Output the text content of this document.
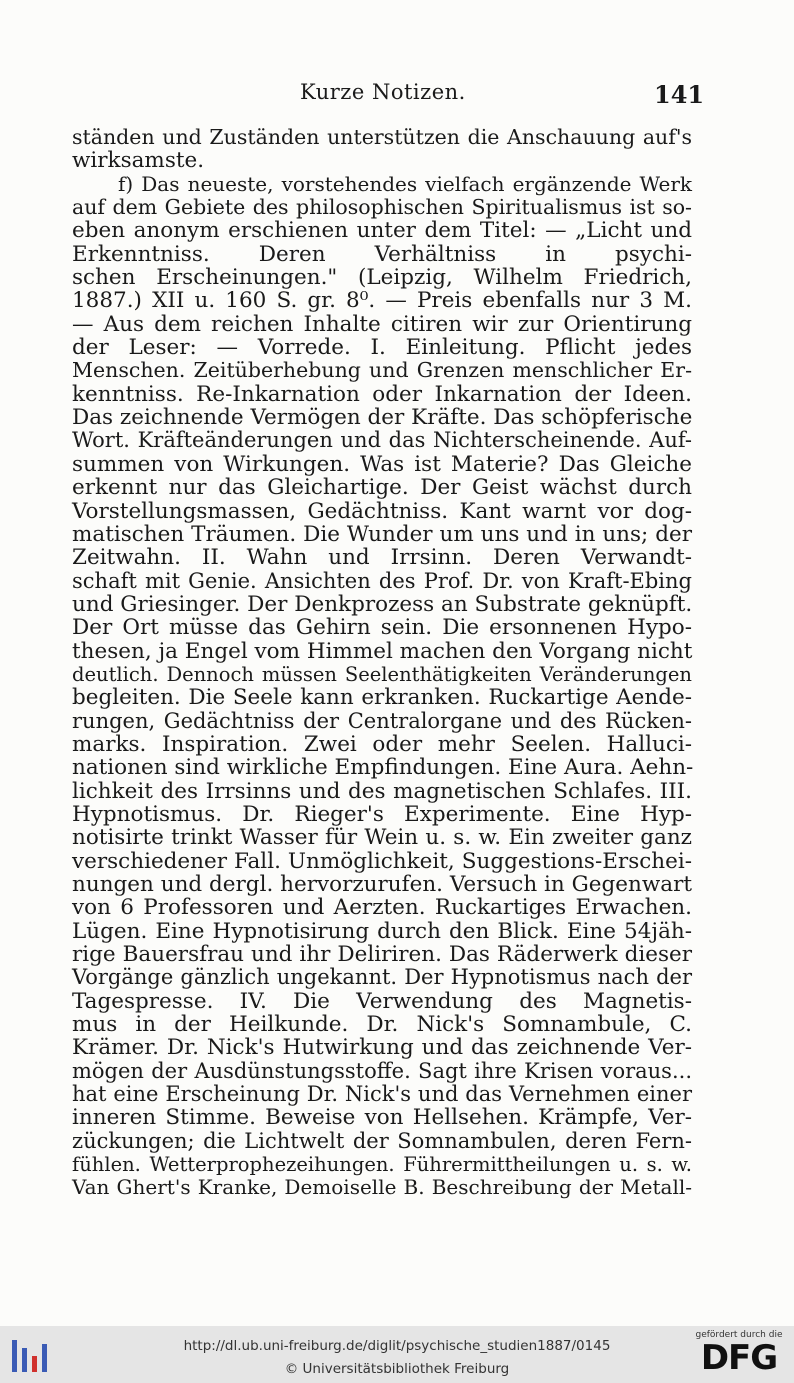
Kurze Notizen.	141
ständen und Zuständen unterstützen die Anschauung auf's
wirksamste.
f) Das neueste, vorstehendes vielfach ergänzende Werk
auf dem Gebiete des philosophischen Spiritualismus ist so-
eben anonym erschienen unter dem Titel: — „Licht und
Erkenntniss. Deren Verhältniss in psychi-
schen Erscheinungen." (Leipzig, Wilhelm Friedrich,
1887.) XII u. 160 S. gr. 8⁰. — Preis ebenfalls nur 3 M.
— Aus dem reichen Inhalte citiren wir zur Orientirung
der Leser: — Vorrede. I. Einleitung. Pflicht jedes
Menschen. Zeitüberhebung und Grenzen menschlicher Er-
kenntniss. Re-Inkarnation oder Inkarnation der Ideen.
Das zeichnende Vermögen der Kräfte. Das schöpferische
Wort. Kräfteänderungen und das Nichterscheinende. Auf-
summen von Wirkungen. Was ist Materie? Das Gleiche
erkennt nur das Gleichartige. Der Geist wächst durch
Vorstellungsmassen, Gedächtniss. Kant warnt vor dog-
matischen Träumen. Die Wunder um uns und in uns; der
Zeitwahn. II. Wahn und Irrsinn. Deren Verwandt-
schaft mit Genie. Ansichten des Prof. Dr. von Kraft-Ebing
und Griesinger. Der Denkprozess an Substrate geknüpft.
Der Ort müsse das Gehirn sein. Die ersonnenen Hypo-
thesen, ja Engel vom Himmel machen den Vorgang nicht
deutlich. Dennoch müssen Seelenthätigkeiten Veränderungen
begleiten. Die Seele kann erkranken. Ruckartige Aende-
rungen, Gedächtniss der Centralorgane und des Rücken-
marks. Inspiration. Zwei oder mehr Seelen. Halluci-
nationen sind wirkliche Empfindungen. Eine Aura. Aehn-
lichkeit des Irrsinns und des magnetischen Schlafes. III.
Hypnotismus. Dr. Rieger's Experimente. Eine Hyp-
notisirte trinkt Wasser für Wein u. s. w. Ein zweiter ganz
verschiedener Fall. Unmöglichkeit, Suggestions-Erschei-
nungen und dergl. hervorzurufen. Versuch in Gegenwart
von 6 Professoren und Aerzten. Ruckartiges Erwachen.
Lügen. Eine Hypnotisirung durch den Blick. Eine 54jäh-
rige Bauersfrau und ihr Deliriren. Das Räderwerk dieser
Vorgänge gänzlich ungekannt. Der Hypnotismus nach der
Tagespresse. IV. Die Verwendung des Magnetis-
mus in der Heilkunde. Dr. Nick's Somnambule, C.
Krämer. Dr. Nick's Hutwirkung und das zeichnende Ver-
mögen der Ausdünstungsstoffe. Sagt ihre Krisen voraus...
hat eine Erscheinung Dr. Nick's und das Vernehmen einer
inneren Stimme. Beweise von Hellsehen. Krämpfe, Ver-
zückungen; die Lichtwelt der Somnambulen, deren Fern-
fühlen. Wetterprophezeihungen. Führermittheilungen u. s. w.
Van Ghert's Kranke, Demoiselle B. Beschreibung der Metall-
http://dl.ub.uni-freiburg.de/diglit/psychische_studien1887/0145
© Universitätsbibliothek Freiburg
gefördert durch die
DFG
